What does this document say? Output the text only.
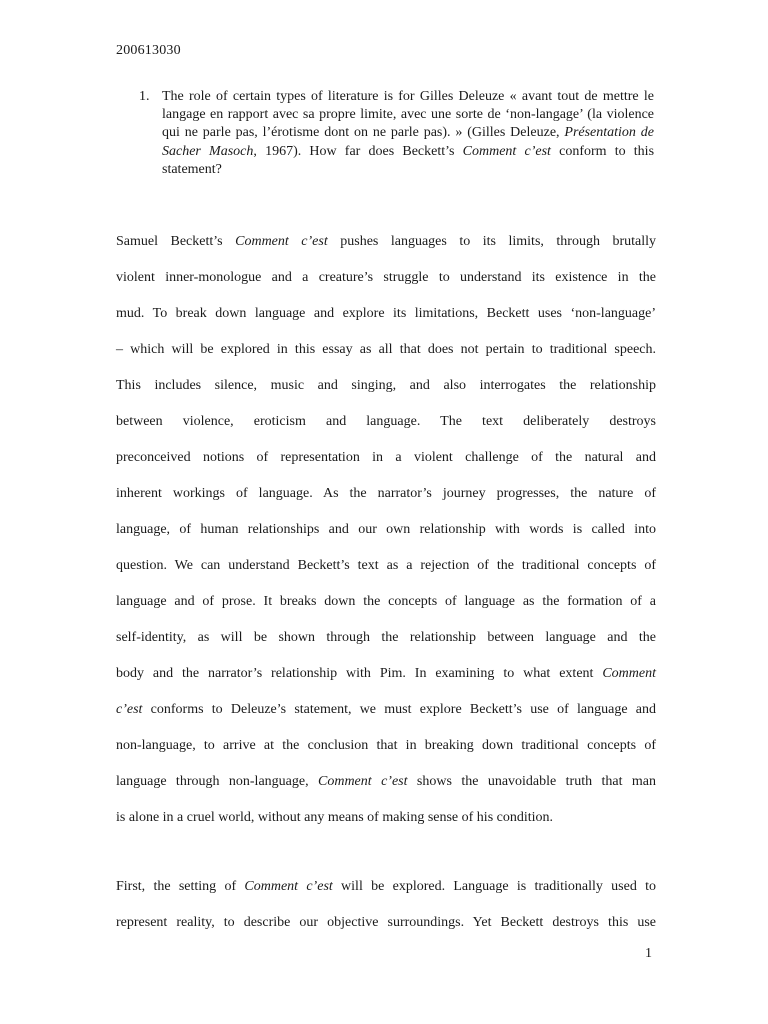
200613030
1. The role of certain types of literature is for Gilles Deleuze « avant tout de mettre le langage en rapport avec sa propre limite, avec une sorte de ‘non-langage’ (la violence qui ne parle pas, l’érotisme dont on ne parle pas). » (Gilles Deleuze, Présentation de Sacher Masoch, 1967). How far does Beckett’s Comment c’est conform to this statement?
Samuel Beckett’s Comment c’est pushes languages to its limits, through brutally
violent inner-monologue and a creature’s struggle to understand its existence in the
mud. To break down language and explore its limitations, Beckett uses ‘non-language’
– which will be explored in this essay as all that does not pertain to traditional speech.
This includes silence, music and singing, and also interrogates the relationship
between violence, eroticism and language. The text deliberately destroys
preconceived notions of representation in a violent challenge of the natural and
inherent workings of language. As the narrator’s journey progresses, the nature of
language, of human relationships and our own relationship with words is called into
question. We can understand Beckett’s text as a rejection of the traditional concepts of
language and of prose. It breaks down the concepts of language as the formation of a
self-identity, as will be shown through the relationship between language and the
body and the narrator’s relationship with Pim. In examining to what extent Comment
c’est conforms to Deleuze’s statement, we must explore Beckett’s use of language and
non-language, to arrive at the conclusion that in breaking down traditional concepts of
language through non-language, Comment c’est shows the unavoidable truth that man
is alone in a cruel world, without any means of making sense of his condition.
First, the setting of Comment c’est will be explored. Language is traditionally used to
represent reality, to describe our objective surroundings. Yet Beckett destroys this use
1
